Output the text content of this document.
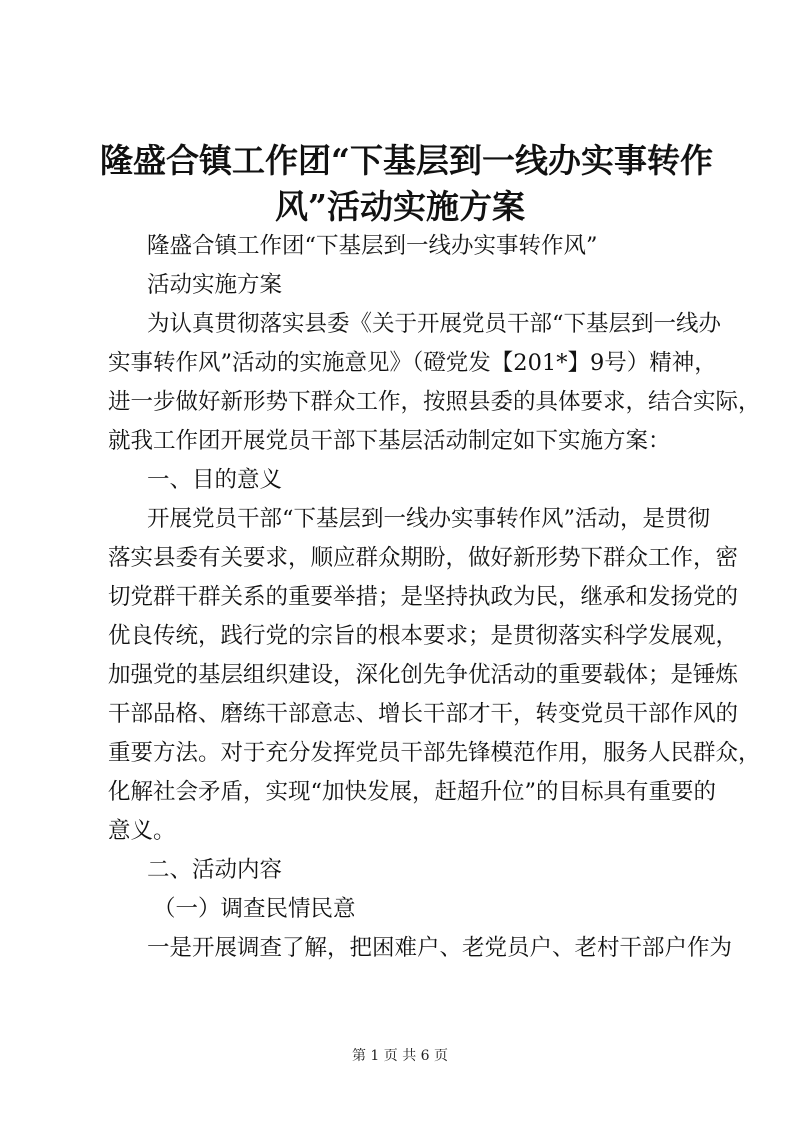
隆盛合镇工作团“下基层到一线办实事转作
风”活动实施方案
隆盛合镇工作团“下基层到一线办实事转作风”
活动实施方案
为认真贯彻落实县委《关于开展党员干部“下基层到一线办
实事转作风”活动的实施意见》（磴党发【201*】9号）精神，
进一步做好新形势下群众工作，按照县委的具体要求，结合实际，
就我工作团开展党员干部下基层活动制定如下实施方案：
一、目的意义
开展党员干部“下基层到一线办实事转作风”活动，是贯彻
落实县委有关要求，顺应群众期盼，做好新形势下群众工作，密
切党群干群关系的重要举措；是坚持执政为民，继承和发扬党的
优良传统，践行党的宗旨的根本要求；是贯彻落实科学发展观，
加强党的基层组织建设，深化创先争优活动的重要载体；是锤炼
干部品格、磨练干部意志、增长干部才干，转变党员干部作风的
重要方法。对于充分发挥党员干部先锋模范作用，服务人民群众，
化解社会矛盾，实现“加快发展，赶超升位”的目标具有重要的
意义。
二、活动内容
（一）调查民情民意
一是开展调查了解，把困难户、老党员户、老村干部户作为
第 1 页 共 6 页
